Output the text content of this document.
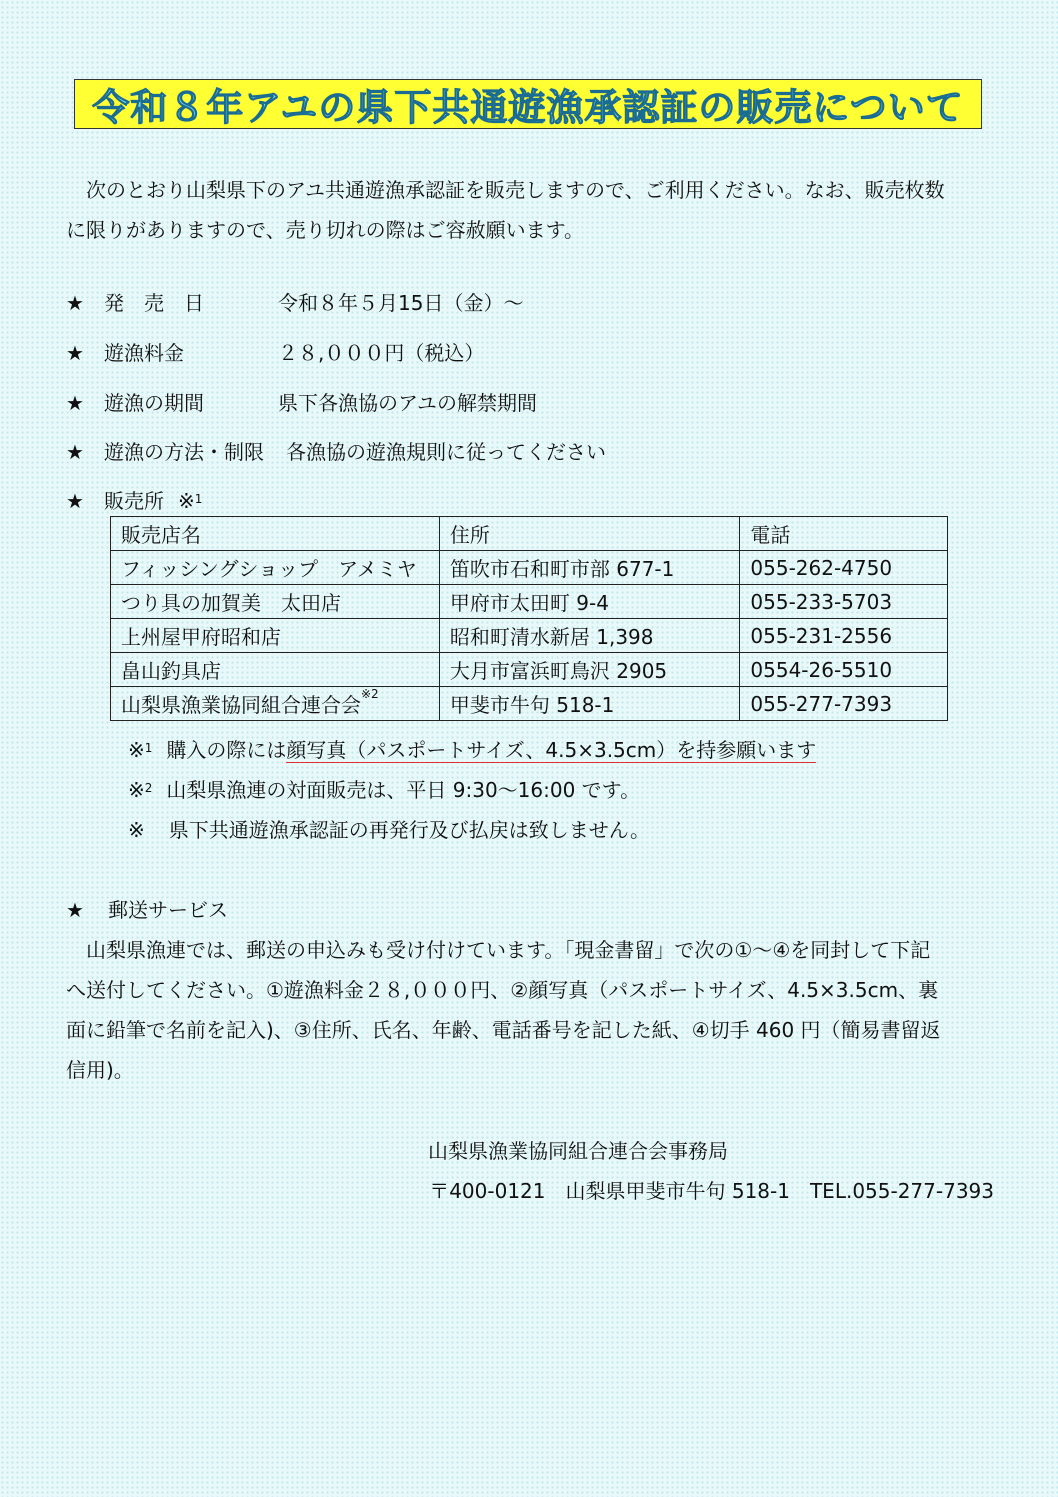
令和８年アユの県下共通遊漁承認証の販売について
次のとおり山梨県下のアユ共通遊漁承認証を販売しますので、ご利用ください。なお、販売枚数
に限りがありますので、売り切れの際はご容赦願います。
★ 発　売　日	令和８年５月15日（金）～
★ 遊漁料金	２８,０００円（税込）
★ 遊漁の期間	県下各漁協のアユの解禁期間
★ 遊漁の方法・制限 各漁協の遊漁規則に従ってください
★ 販売所 ※$^1$
販売店名	住所	電話
フィッシングショップ　アメミヤ	笛吹市石和町市部 677-1	055-262-4750
つり具の加賀美　太田店	甲府市太田町 9-4	055-233-5703
上州屋甲府昭和店	昭和町清水新居 1,398	055-231-2556
畠山釣具店	大月市富浜町鳥沢 2905	0554-26-5510
山梨県漁業協同組合連合会$^{※2}$	甲斐市牛句 518-1	055-277-7393
※$^1$ 購入の際には顔写真（パスポートサイズ、4.5×3.5cm）を持参願います
※$^2$ 山梨県漁連の対面販売は、平日 9:30～16:00 です。
※ 県下共通遊漁承認証の再発行及び払戻は致しません。
★ 郵送サービス
山梨県漁連では、郵送の申込みも受け付けています。「現金書留」で次の①～④を同封して下記
へ送付してください。①遊漁料金２８,０００円、②顔写真（パスポートサイズ、4.5×3.5cm、裏
面に鉛筆で名前を記入)、③住所、氏名、年齢、電話番号を記した紙、④切手 460 円（簡易書留返
信用)。
山梨県漁業協同組合連合会事務局
〒400-0121　山梨県甲斐市牛句 518-1　TEL.055-277-7393
